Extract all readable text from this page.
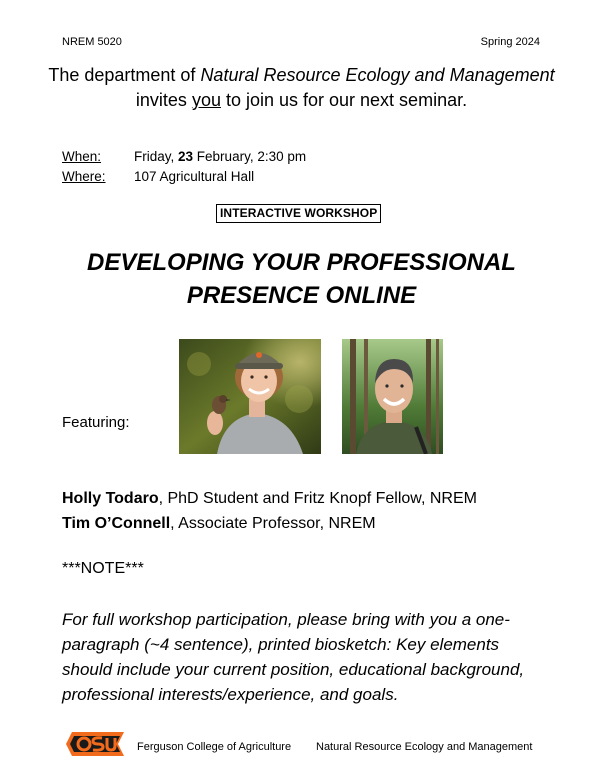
NREM 5020	Spring 2024
The department of Natural Resource Ecology and Management invites you to join us for our next seminar.
When:	Friday, 23 February, 2:30 pm
Where:	107 Agricultural Hall
INTERACTIVE WORKSHOP
DEVELOPING YOUR PROFESSIONAL
PRESENCE ONLINE
Featuring:
Holly Todaro, PhD Student and Fritz Knopf Fellow, NREM
Tim O’Connell, Associate Professor, NREM
***NOTE***
For full workshop participation, please bring with you a one-paragraph (~4 sentence), printed biosketch: Key elements should include your current position, educational background, professional interests/experience, and goals.
Ferguson College of Agriculture Natural Resource Ecology and Management
